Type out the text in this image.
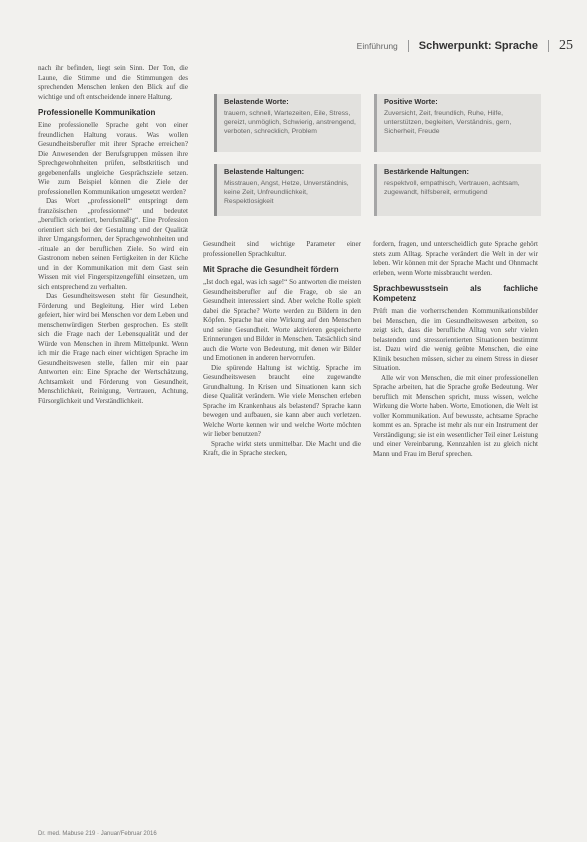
Einführung	Schwerpunkt: Sprache	25

nach ihr befinden, liegt sein Sinn. Der Ton, die Laune, die Stimme und die Stimmungen des sprechenden Menschen lenken den Blick auf die wichtige und oft entscheidende innere Haltung.

Professionelle Kommunikation

Eine professionelle Sprache geht von einer freundlichen Haltung voraus. Was wollen Gesundheitsberufler mit ihrer Sprache erreichen? Die Anwesenden der Berufsgruppen müssen ihre Sprechgewohnheiten prüfen, selbstkritisch und gegebenenfalls ungleiche Gesprächsziele setzen. Wie zum Beispiel können die Ziele der professionellen Kommunikation umgesetzt werden?

Das Wort „professionell“ entspringt dem französischen „professionnel“ und bedeutet „beruflich orientiert, berufsmäßig“. Eine Profession orientiert sich bei der Gestaltung und der Qualität ihrer Umgangsformen, der Sprachgewohnheiten und -rituale an der beruflichen Ziele. So wird ein Gastronom neben seinen Fertigkeiten in der Küche und in der Kommunikation mit dem Gast sein Wissen mit viel Fingerspitzengefühl einsetzen, um sich entsprechend zu verhalten.

Das Gesundheitswesen steht für Gesundheit, Förderung und Begleitung. Hier wird Leben gefeiert, hier wird bei Menschen vor dem Leben und menschenwürdigen Sterben gesprochen. Es stellt sich die Frage nach der Lebensqualität und der Würde von Menschen in ihrem Mittelpunkt. Wenn ich mir die Frage nach einer wichtigen Sprache im Gesundheitswesen stelle, fallen mir ein paar Antworten ein: Eine Sprache der Wertschätzung, Achtsamkeit und Förderung von Gesundheit, Menschlichkeit, Reinigung, Vertrauen, Achtung, Fürsorglichkeit und Verständlichkeit.

Belastende Worte:
trauern, schnell, Wartezeiten, Eile, Stress, gereizt, unmöglich, Schwierig, anstrengend, verboten, schrecklich, Problem
Belastende Haltungen:
Misstrauen, Angst, Hetze, Unverständnis, keine Zeit, Unfreundlichkeit, Respektlosigkeit
Positive Worte:
Zuversicht, Zeit, freundlich, Ruhe, Hilfe, unterstützen, begleiten, Verständnis, gern, Sicherheit, Freude
Bestärkende Haltungen:
respektvoll, empathisch, Vertrauen, achtsam, zugewandt, hilfsbereit, ermutigend

Gesundheit sind wichtige Parameter einer professionellen Sprachkultur.

Mit Sprache die Gesundheit fördern

„Ist doch egal, was ich sage!“ So antworten die meisten Gesundheitsberufler auf die Frage, ob sie an Gesundheit interessiert sind. Aber welche Rolle spielt dabei die Sprache? Worte werden zu Bildern in den Köpfen. Sprache hat eine Wirkung auf den Menschen und seine Gesundheit. Worte aktivieren gespeicherte Erinnerungen und Bilder in Menschen. Tatsächlich sind auch die Worte von Bedeutung, mit denen wir Bilder und Emotionen in anderen hervorrufen.

Die spürende Haltung ist wichtig. Sprache im Gesundheitswesen braucht eine zugewandte Grundhaltung. In Krisen und Situationen kann sich diese Qualität verändern. Wie viele Menschen erleben Sprache im Krankenhaus als belastend? Sprache kann bewegen und aufbauen, sie kann aber auch verletzen. Welche Worte kennen wir und welche Worte möchten wir lieber benutzen?

Sprache wirkt stets unmittelbar. Die Macht und die Kraft, die in Sprache stecken,

fordern, fragen, und unterscheidlich gute Sprache gehört stets zum Alltag. Sprache verändert die Welt in der wir leben. Wir können mit der Sprache Macht und Ohnmacht erleben, wenn Worte missbraucht werden.

Sprachbewusstsein als fachliche Kompetenz

Prüft man die vorherrschenden Kommunikationsbilder bei Menschen, die im Gesundheitswesen arbeiten, so zeigt sich, dass die berufliche Alltag von sehr vielen belastenden und stressorientierten Situationen bestimmt ist. Dazu wird die wenig geübte Menschen, die eine Klinik besuchen müssen, sicher zu einem Stress in dieser Situation.

Alle wir von Menschen, die mit einer professionellen Sprache arbeiten, hat die Sprache große Bedeutung. Wer beruflich mit Menschen spricht, muss wissen, welche Wirkung die Worte haben. Worte, Emotionen, die Welt ist voller Kommunikation. Auf bewusste, achtsame Sprache kommt es an. Sprache ist mehr als nur ein Instrument der Verständigung; sie ist ein wesentlicher Teil einer Leistung und einer Vereinbarung, Kennzahlen ist zu gleich nicht Mann und Frau im Beruf sprechen.

Dr. med. Mabuse 219 · Januar/Februar 2016
